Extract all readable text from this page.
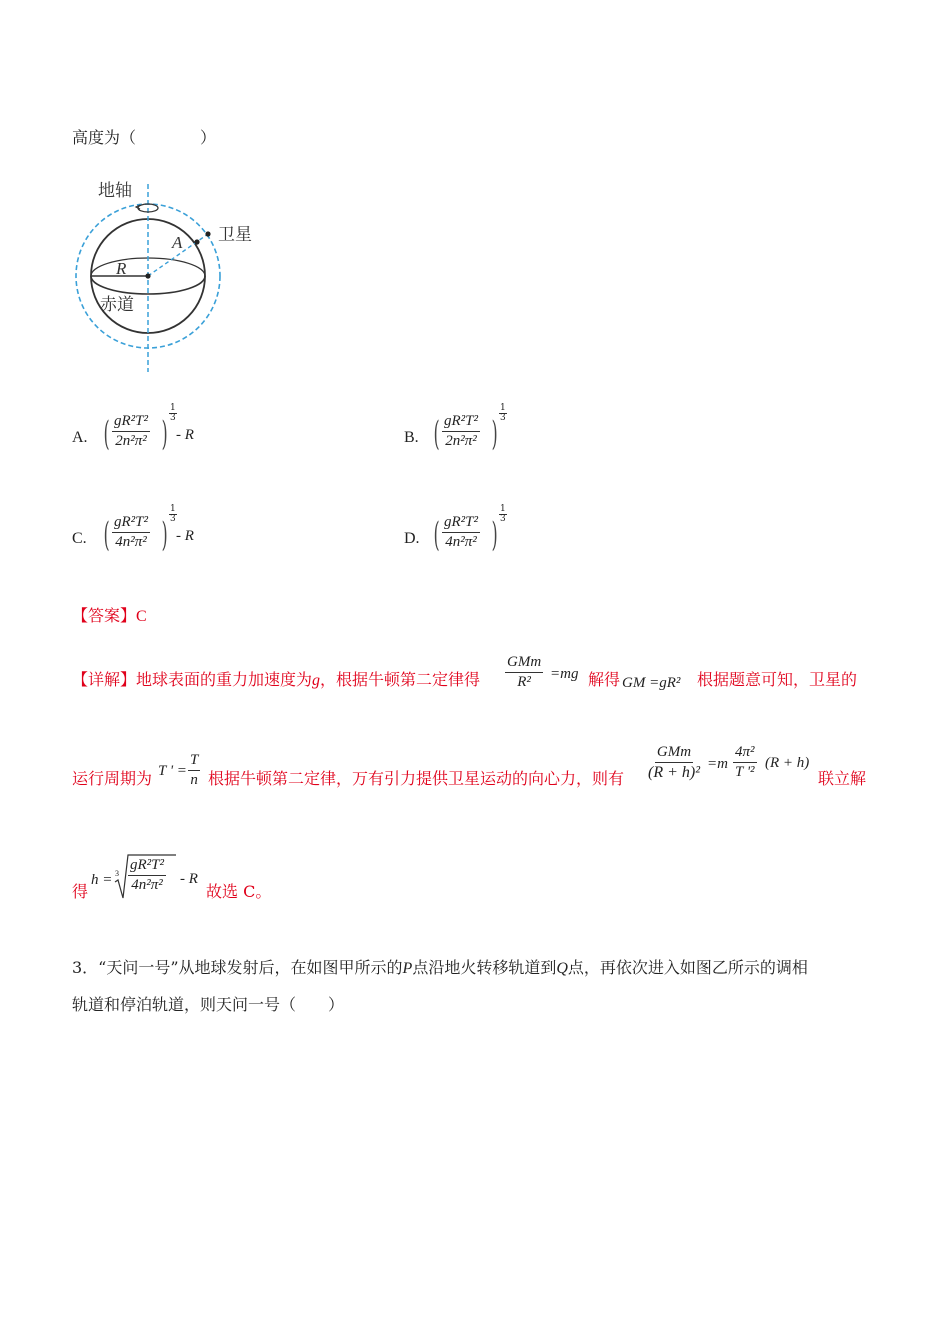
高度为（　　　　）
地轴
卫星
A
R
赤道
A. ( $\frac{\text{gR²T²}}{\text{2n²π²}}$ )
1
3
- R	B. ( $\frac{\text{gR²T²}}{\text{2n²π²}}$ )
1
3
C. ( $\frac{\text{gR²T²}}{\text{4n²π²}}$ )
1
3
- R	D. ( $\frac{\text{gR²T²}}{\text{4n²π²}}$ )
1
3
【答案】C
【详解】地球表面的重力加速度为g，根据牛顿第二定律得
GMm
R² =mg 解得 GM =gR² 根据题意可知，卫星的
运行周期为 T ' = $\frac{T}{n}$ 根据牛顿第二定律，万有引力提供卫星运动的向心力，则有
GMm
$(R + h)^2 =m \frac{\text{4π²}}{\text{T '²}} (R + h)$
联立解
得
$h = 3 \frac{\text{gR²T²}}{\text{4n²π²}} - R$
故选 C。
3．“天问一号”从地球发射后，在如图甲所示的P点沿地火转移轨道到Q点，再依次进入如图乙所示的调相
轨道和停泊轨道，则天问一号（　　）
